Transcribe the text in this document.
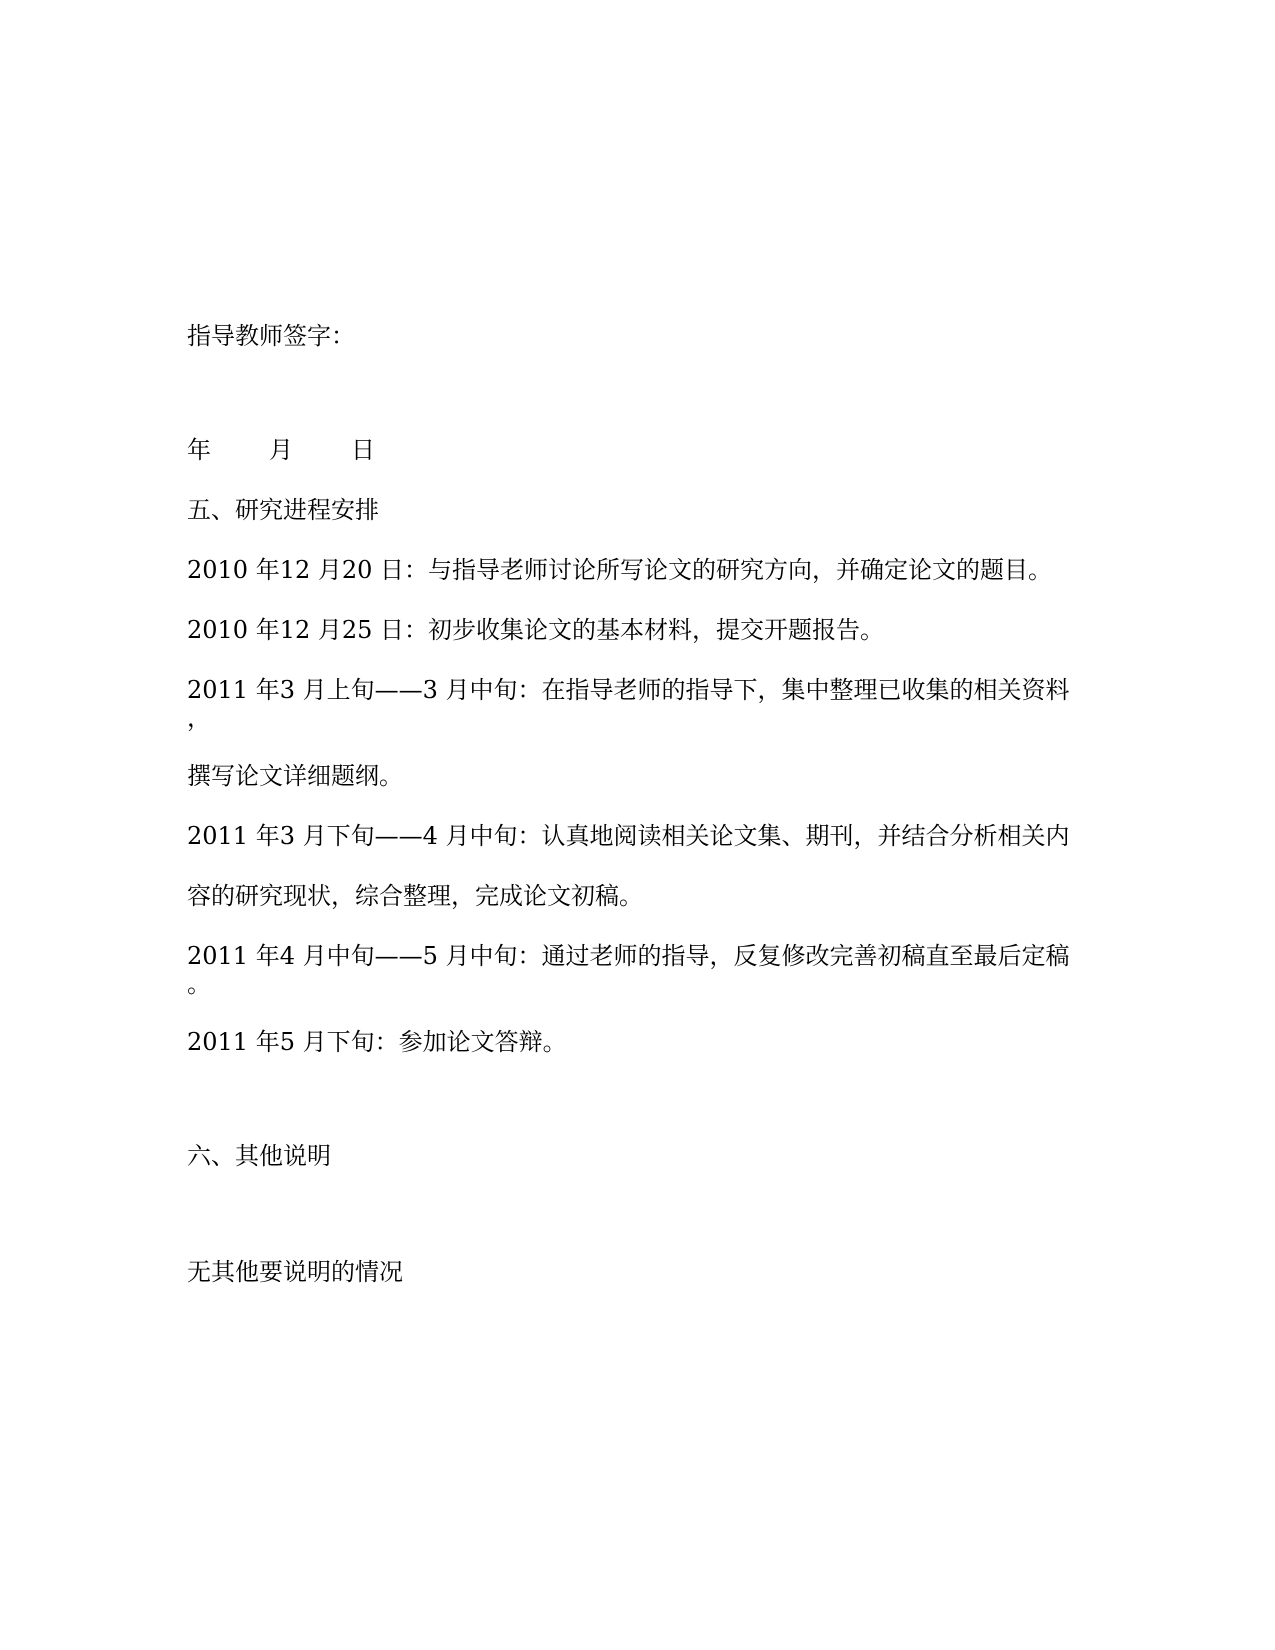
指导教师签字：
年 月 日
五、研究进程安排
2010 年12 月20 日：与指导老师讨论所写论文的研究方向，并确定论文的题目。
2010 年12 月25 日：初步收集论文的基本材料，提交开题报告。
2011 年3 月上旬——3 月中旬：在指导老师的指导下，集中整理已收集的相关资料
，
撰写论文详细题纲。
2011 年3 月下旬——4 月中旬：认真地阅读相关论文集、期刊，并结合分析相关内
容的研究现状，综合整理，完成论文初稿。
2011 年4 月中旬——5 月中旬：通过老师的指导，反复修改完善初稿直至最后定稿
。
2011 年5 月下旬：参加论文答辩。
六、其他说明
无其他要说明的情况
